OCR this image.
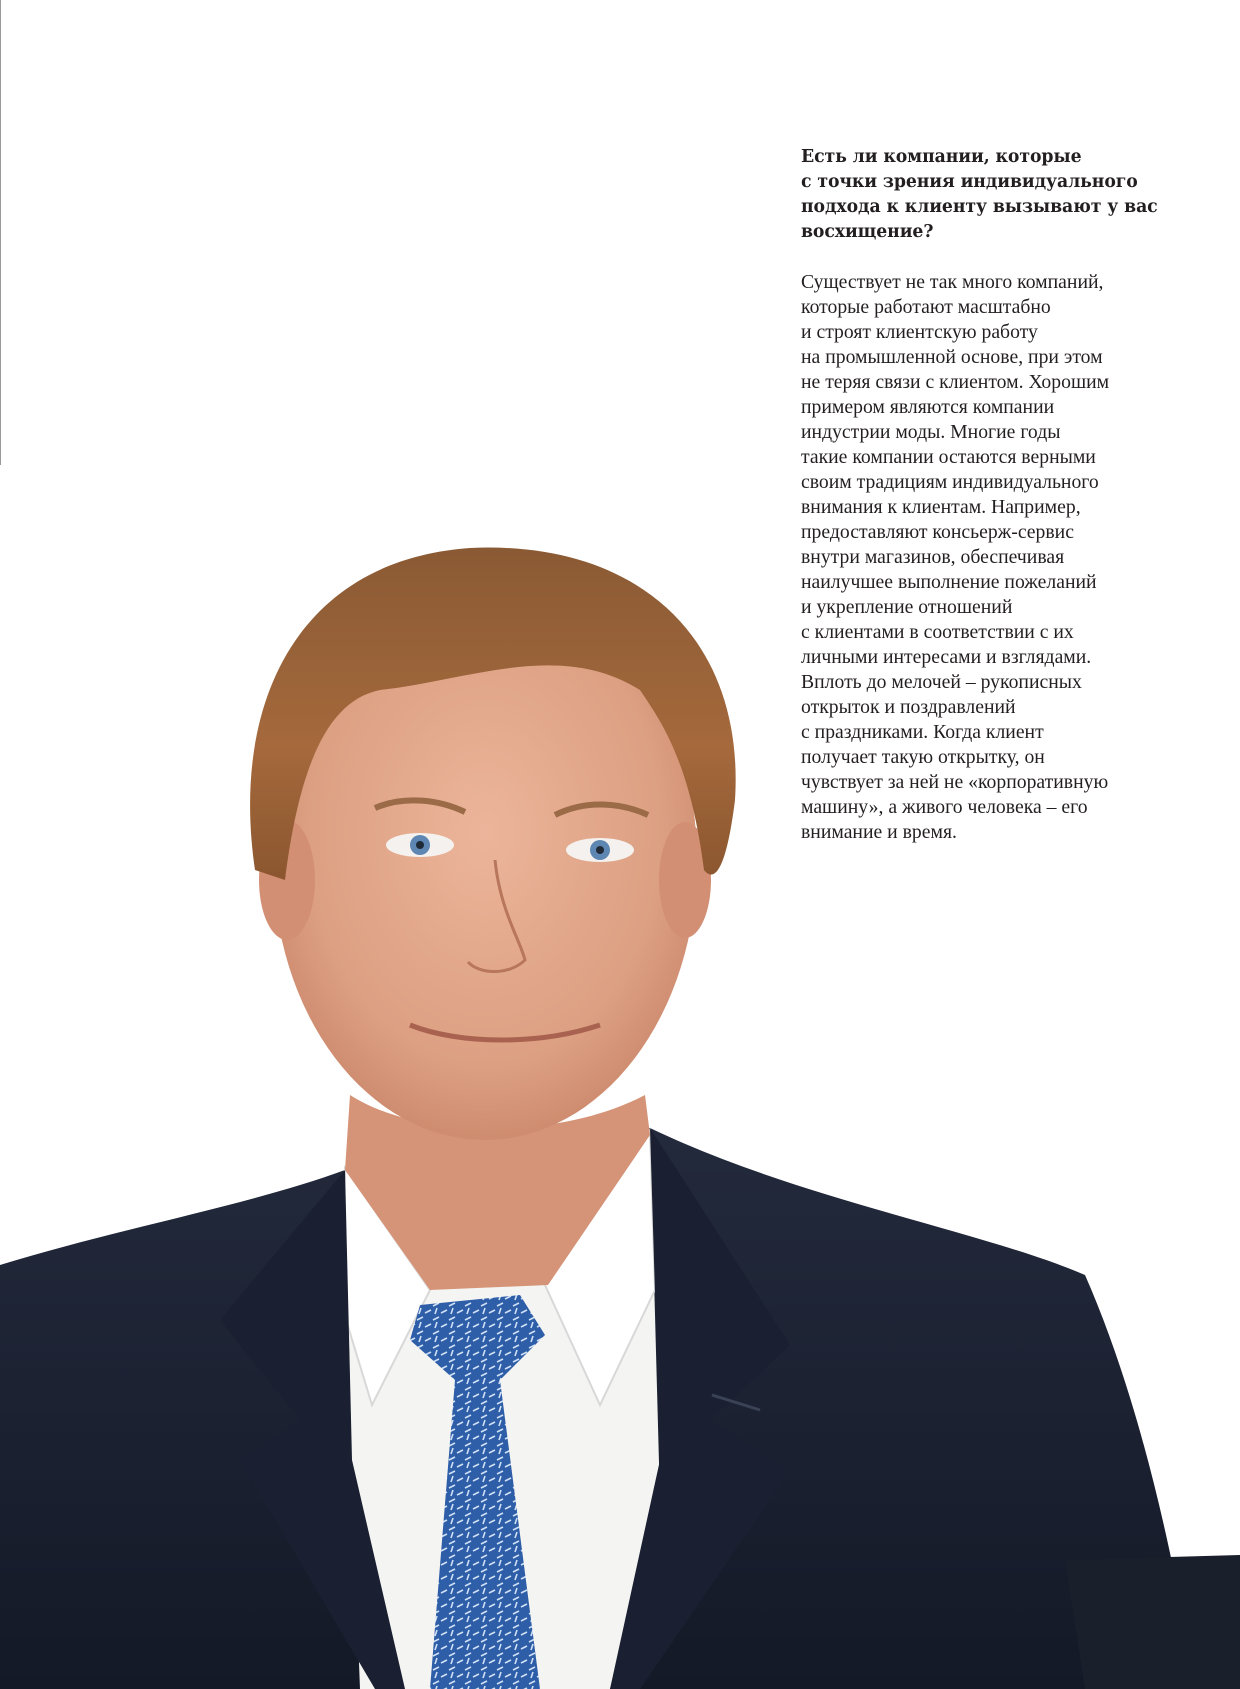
Есть ли компании, которые
с точки зрения индивидуального
подхода к клиенту вызывают у вас
восхищение?

Существует не так много компаний,
которые работают масштабно
и строят клиентскую работу
на промышленной основе, при этом
не теряя связи с клиентом. Хорошим
примером являются компании
индустрии моды. Многие годы
такие компании остаются верными
своим традициям индивидуального
внимания к клиентам. Например,
предоставляют консьерж-сервис
внутри магазинов, обеспечивая
наилучшее выполнение пожеланий
и укрепление отношений
с клиентами в соответствии с их
личными интересами и взглядами.
Вплоть до мелочей – рукописных
открыток и поздравлений
с праздниками. Когда клиент
получает такую открытку, он
чувствует за ней не «корпоративную
машину», а живого человека – его
внимание и время.
